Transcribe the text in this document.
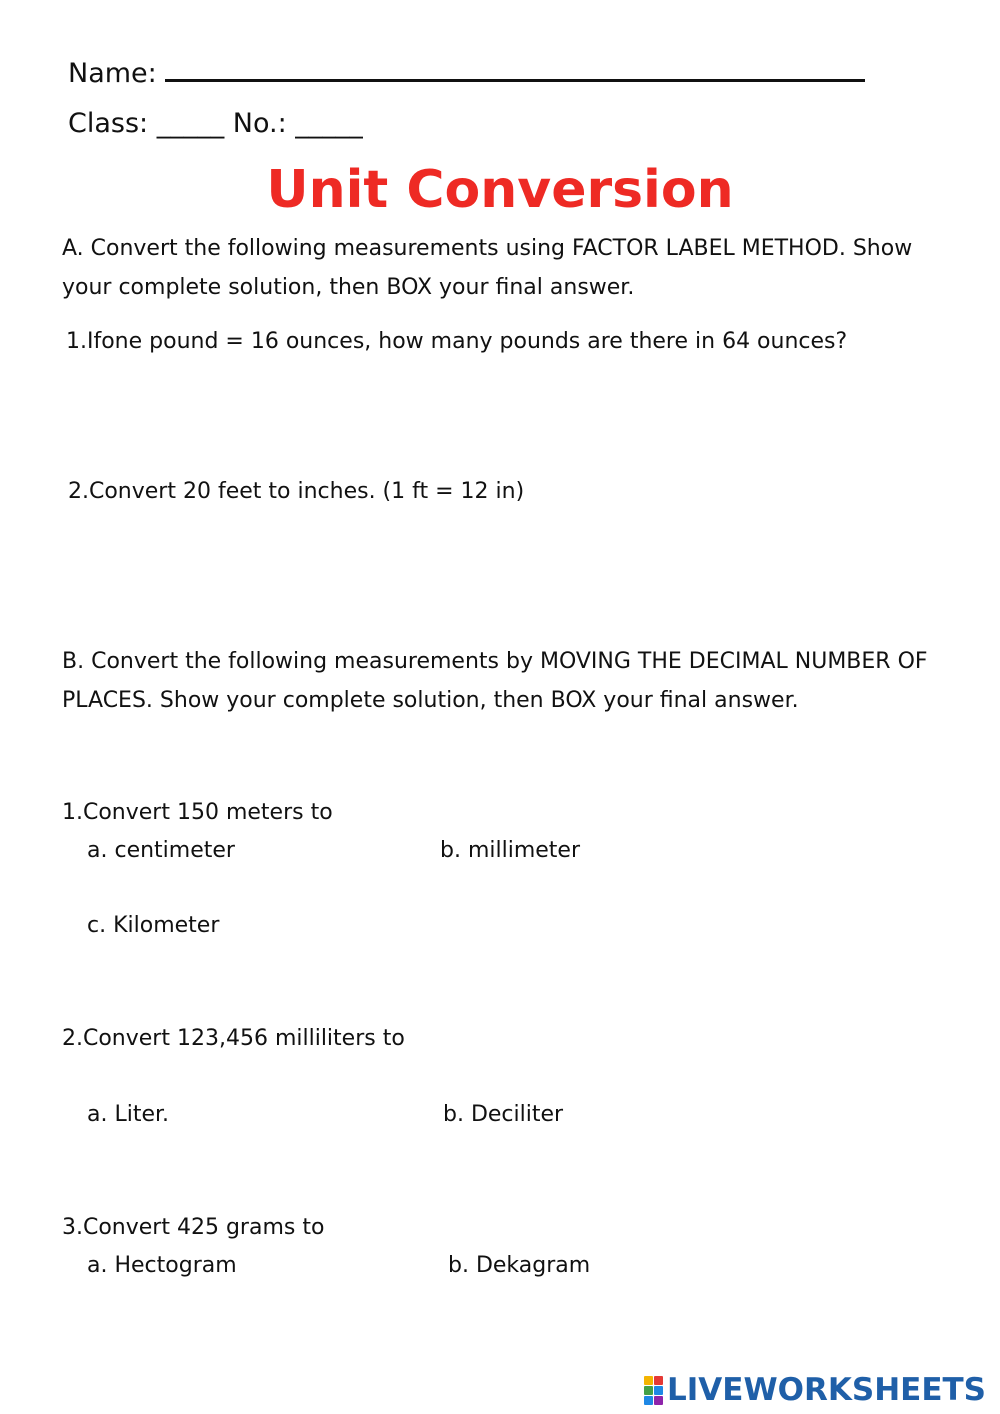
Name:
Class: _____ No.: _____
Unit Conversion
A. Convert the following measurements using FACTOR LABEL METHOD. Show
your complete solution, then BOX your final answer.
1.Ifone pound = 16 ounces, how many pounds are there in 64 ounces?
2.Convert 20 feet to inches. (1 ft = 12 in)
B. Convert the following measurements by MOVING THE DECIMAL NUMBER OF
PLACES. Show your complete solution, then BOX your final answer.
1.Convert 150 meters to
a. centimeter	b. millimeter
c. Kilometer
2.Convert 123,456 milliliters to
a. Liter.	b. Deciliter
3.Convert 425 grams to
a. Hectogram	b. Dekagram
LIVEWORKSHEETS
